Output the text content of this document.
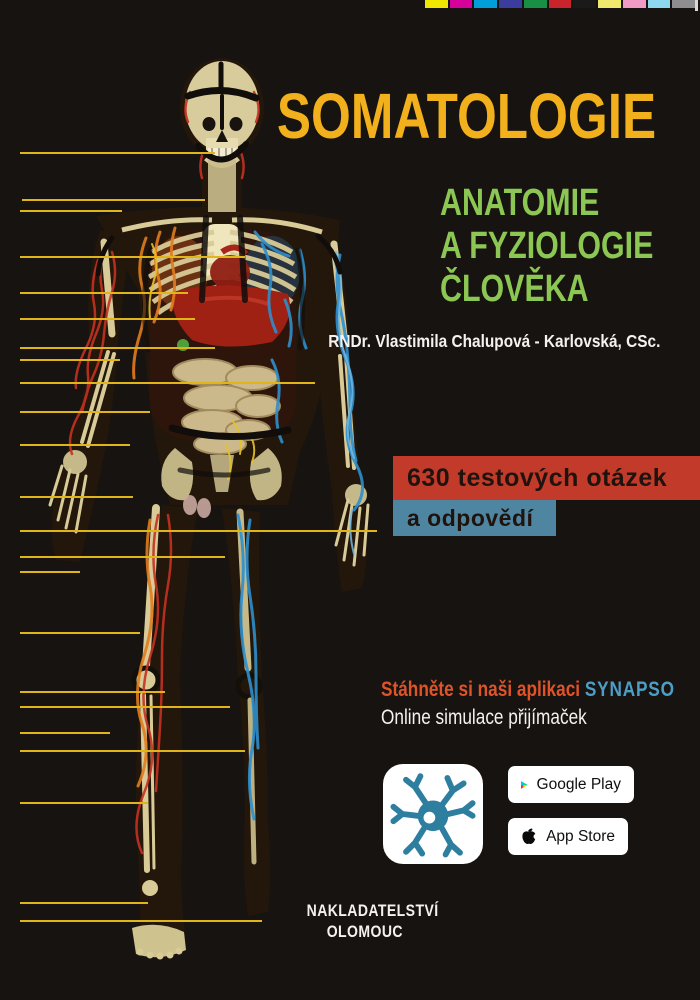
SOMATOLOGIE
ANATOMIE
A FYZIOLOGIE
ČLOVĚKA
RNDr. Vlastimila Chalupová - Karlovská, CSc.
630 testových otázek
a odpovědí
Stáhněte si naši aplikaci SYNAPSO
Online simulace přijímaček
Google Play
App Store
NAKLADATELSTVÍ
OLOMOUC
